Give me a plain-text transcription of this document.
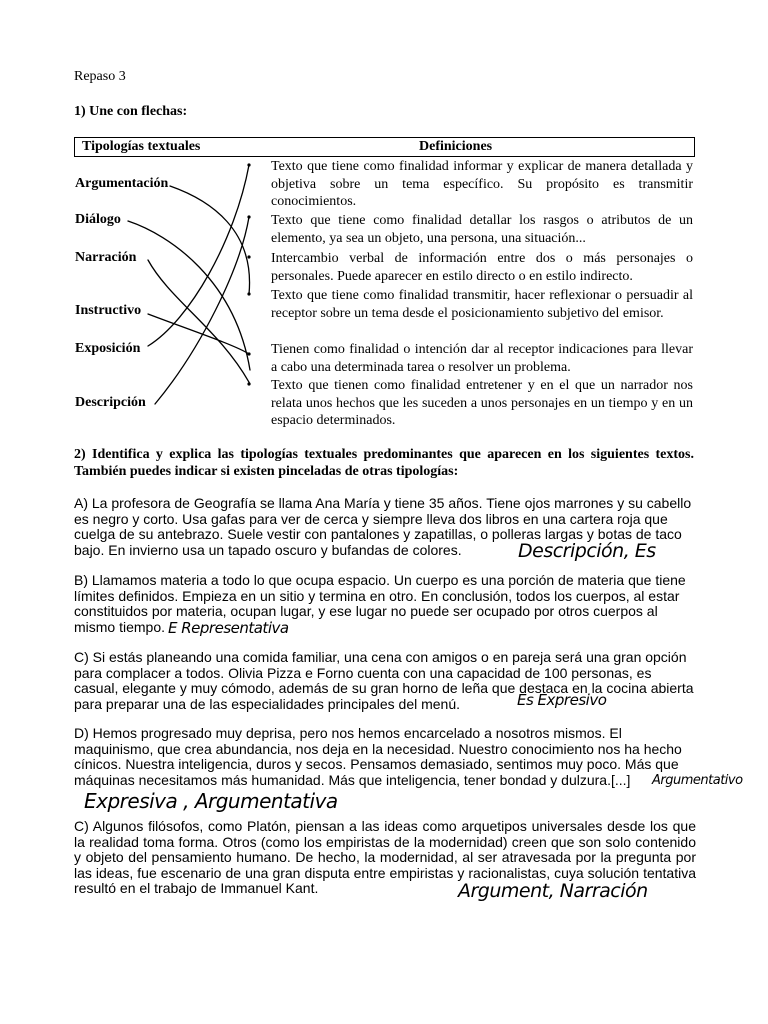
Repaso 3
1) Une con flechas:
Tipologías textuales	Definiciones
Argumentación
Diálogo
Narración
Instructivo
Exposición
Descripción
Texto que tiene como finalidad informar y explicar de manera detallada y objetiva sobre un tema específico. Su propósito es transmitir conocimientos.
Texto que tiene como finalidad detallar los rasgos o atributos de un elemento, ya sea un objeto, una persona, una situación...
Intercambio verbal de información entre dos o más personajes o personales. Puede aparecer en estilo directo o en estilo indirecto.
Texto que tiene como finalidad transmitir, hacer reflexionar o persuadir al receptor sobre un tema desde el posicionamiento subjetivo del emisor.
Tienen como finalidad o intención dar al receptor indicaciones para llevar a cabo una determinada tarea o resolver un problema.
Texto que tienen como finalidad entretener y en el que un narrador nos relata unos hechos que les suceden a unos personajes en un tiempo y en un espacio determinados.
2) Identifica y explica las tipologías textuales predominantes que aparecen en los siguientes textos. También puedes indicar si existen pinceladas de otras tipologías:
A) La profesora de Geografía se llama Ana María y tiene 35 años. Tiene ojos marrones y su cabello es negro y corto. Usa gafas para ver de cerca y siempre lleva dos libros en una cartera roja que cuelga de su antebrazo. Suele vestir con pantalones y zapatillas, o polleras largas y botas de taco bajo. En invierno usa un tapado oscuro y bufandas de colores.
B) Llamamos materia a todo lo que ocupa espacio. Un cuerpo es una porción de materia que tiene límites definidos. Empieza en un sitio y termina en otro. En conclusión, todos los cuerpos, al estar constituidos por materia, ocupan lugar, y ese lugar no puede ser ocupado por otros cuerpos al mismo tiempo.
C) Si estás planeando una comida familiar, una cena con amigos o en pareja será una gran opción para complacer a todos. Olivia Pizza e Forno cuenta con una capacidad de 100 personas, es casual, elegante y muy cómodo, además de su gran horno de leña que destaca en la cocina abierta para preparar una de las especialidades principales del menú.
D) Hemos progresado muy deprisa, pero nos hemos encarcelado a nosotros mismos. El maquinismo, que crea abundancia, nos deja en la necesidad. Nuestro conocimiento nos ha hecho cínicos. Nuestra inteligencia, duros y secos. Pensamos demasiado, sentimos muy poco. Más que máquinas necesitamos más humanidad. Más que inteligencia, tener bondad y dulzura.[...]
C) Algunos filósofos, como Platón, piensan a las ideas como arquetipos universales desde los que la realidad toma forma. Otros (como los empiristas de la modernidad) creen que son solo contenido y objeto del pensamiento humano. De hecho, la modernidad, al ser atravesada por la pregunta por las ideas, fue escenario de una gran disputa entre empiristas y racionalistas, cuya solución tentativa resultó en el trabajo de Immanuel Kant.
Descripción, Es
E Representativa
Es Expresivo
Argumentativo
Expresiva , Argumentativa
Argument, Narración
